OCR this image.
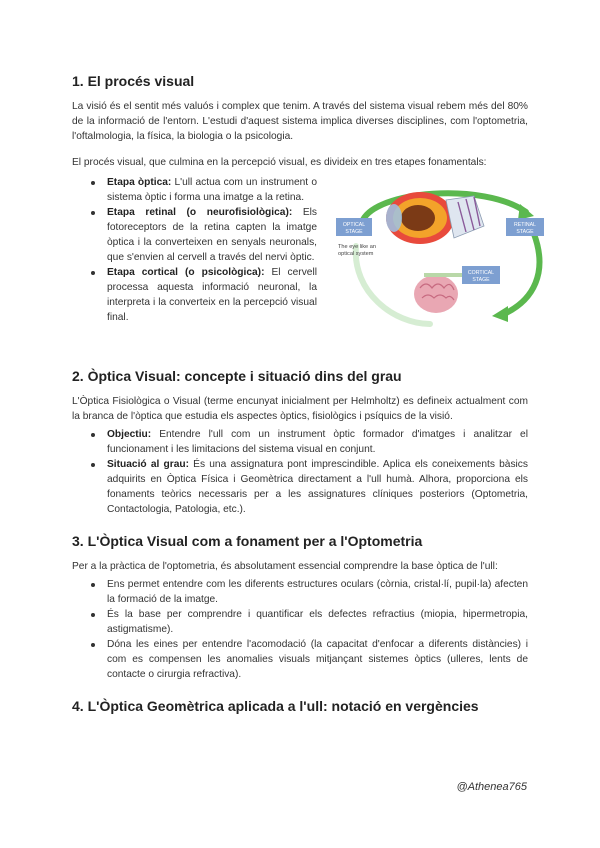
1. El procés visual

La visió és el sentit més valuós i complex que tenim. A través del sistema visual rebem més del 80% de la informació de l'entorn. L'estudi d'aquest sistema implica diverses disciplines, com l'optometria, l'oftalmologia, la física, la biologia o la psicologia.

El procés visual, que culmina en la percepció visual, es divideix en tres etapes fonamentals:

Etapa òptica: L'ull actua com un instrument o sistema òptic i forma una imatge a la retina.
Etapa retinal (o neurofisiològica): Els fotoreceptors de la retina capten la imatge òptica i la converteixen en senyals neuronals, que s'envien al cervell a través del nervi òptic.
Etapa cortical (o psicològica): El cervell processa aquesta informació neuronal, la interpreta i la converteix en la percepció visual final.
OPTICAL
STAGE
RETINAL
STAGE
CORTICAL
STAGE
The eye like an
optical system
2. Òptica Visual: concepte i situació dins del grau

L'Òptica Fisiològica o Visual (terme encunyat inicialment per Helmholtz) es defineix actualment com la branca de l'òptica que estudia els aspectes òptics, fisiològics i psíquics de la visió.

Objectiu: Entendre l'ull com un instrument òptic formador d'imatges i analitzar el funcionament i les limitacions del sistema visual en conjunt.
Situació al grau: És una assignatura pont imprescindible. Aplica els coneixements bàsics adquirits en Òptica Física i Geomètrica directament a l'ull humà. Alhora, proporciona els fonaments teòrics necessaris per a les assignatures clíniques posteriors (Optometria, Contactologia, Patologia, etc.).
3. L'Òptica Visual com a fonament per a l'Optometria

Per a la pràctica de l'optometria, és absolutament essencial comprendre la base òptica de l'ull:

Ens permet entendre com les diferents estructures oculars (còrnia, cristal·lí, pupil·la) afecten la formació de la imatge.
És la base per comprendre i quantificar els defectes refractius (miopia, hipermetropia, astigmatisme).
Dóna les eines per entendre l'acomodació (la capacitat d'enfocar a diferents distàncies) i com es compensen les anomalies visuals mitjançant sistemes òptics (ulleres, lents de contacte o cirurgia refractiva).
4. L'Òptica Geomètrica aplicada a l'ull: notació en vergències
@Athenea765
